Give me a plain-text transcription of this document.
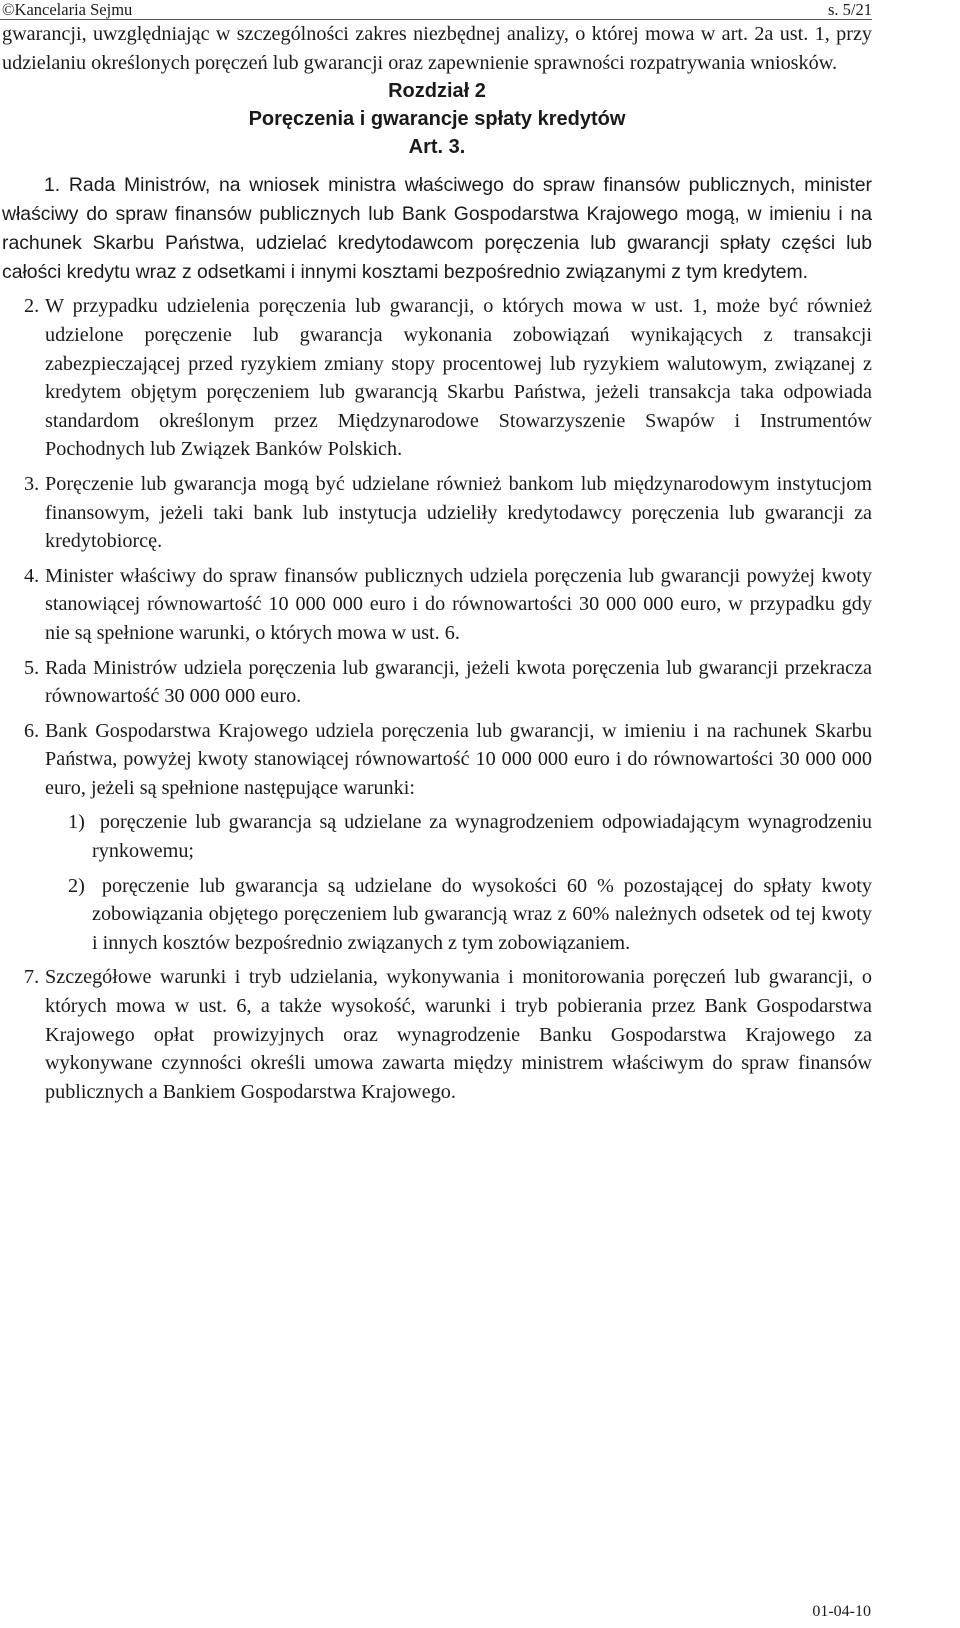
©Kancelaria Sejmu	s. 5/21

gwarancji, uwzględniając w szczególności zakres niezbędnej analizy, o której mowa w art. 2a ust. 1, przy udzielaniu określonych poręczeń lub gwarancji oraz zapewnienie sprawności rozpatrywania wniosków.

Rozdział 2

Poręczenia i gwarancje spłaty kredytów

Art. 3.

1. Rada Ministrów, na wniosek ministra właściwego do spraw finansów publicznych, minister właściwy do spraw finansów publicznych lub Bank Gospodarstwa Krajowego mogą, w imieniu i na rachunek Skarbu Państwa, udzielać kredytodawcom poręczenia lub gwarancji spłaty części lub całości kredytu wraz z odsetkami i innymi kosztami bezpośrednio związanymi z tym kredytem.

2. W przypadku udzielenia poręczenia lub gwarancji, o których mowa w ust. 1, może być również udzielone poręczenie lub gwarancja wykonania zobowiązań wynikających z transakcji zabezpieczającej przed ryzykiem zmiany stopy procentowej lub ryzykiem walutowym, związanej z kredytem objętym poręczeniem lub gwarancją Skarbu Państwa, jeżeli transakcja taka odpowiada standardom określonym przez Międzynarodowe Stowarzyszenie Swapów i Instrumentów Pochodnych lub Związek Banków Polskich.

3. Poręczenie lub gwarancja mogą być udzielane również bankom lub międzynarodowym instytucjom finansowym, jeżeli taki bank lub instytucja udzieliły kredytodawcy poręczenia lub gwarancji za kredytobiorcę.

4. Minister właściwy do spraw finansów publicznych udziela poręczenia lub gwarancji powyżej kwoty stanowiącej równowartość 10 000 000 euro i do równowartości 30 000 000 euro, w przypadku gdy nie są spełnione warunki, o których mowa w ust. 6.

5. Rada Ministrów udziela poręczenia lub gwarancji, jeżeli kwota poręczenia lub gwarancji przekracza równowartość 30 000 000 euro.

6. Bank Gospodarstwa Krajowego udziela poręczenia lub gwarancji, w imieniu i na rachunek Skarbu Państwa, powyżej kwoty stanowiącej równowartość 10 000 000 euro i do równowartości 30 000 000 euro, jeżeli są spełnione następujące warunki:

1) poręczenie lub gwarancja są udzielane za wynagrodzeniem odpowiadającym wynagrodzeniu rynkowemu;

2) poręczenie lub gwarancja są udzielane do wysokości 60 % pozostającej do spłaty kwoty zobowiązania objętego poręczeniem lub gwarancją wraz z 60% należnych odsetek od tej kwoty i innych kosztów bezpośrednio związanych z tym zobowiązaniem.

7. Szczegółowe warunki i tryb udzielania, wykonywania i monitorowania poręczeń lub gwarancji, o których mowa w ust. 6, a także wysokość, warunki i tryb pobierania przez Bank Gospodarstwa Krajowego opłat prowizyjnych oraz wynagrodzenie Banku Gospodarstwa Krajowego za wykonywane czynności określi umowa zawarta między ministrem właściwym do spraw finansów publicznych a Bankiem Gospodarstwa Krajowego.

01-04-10
